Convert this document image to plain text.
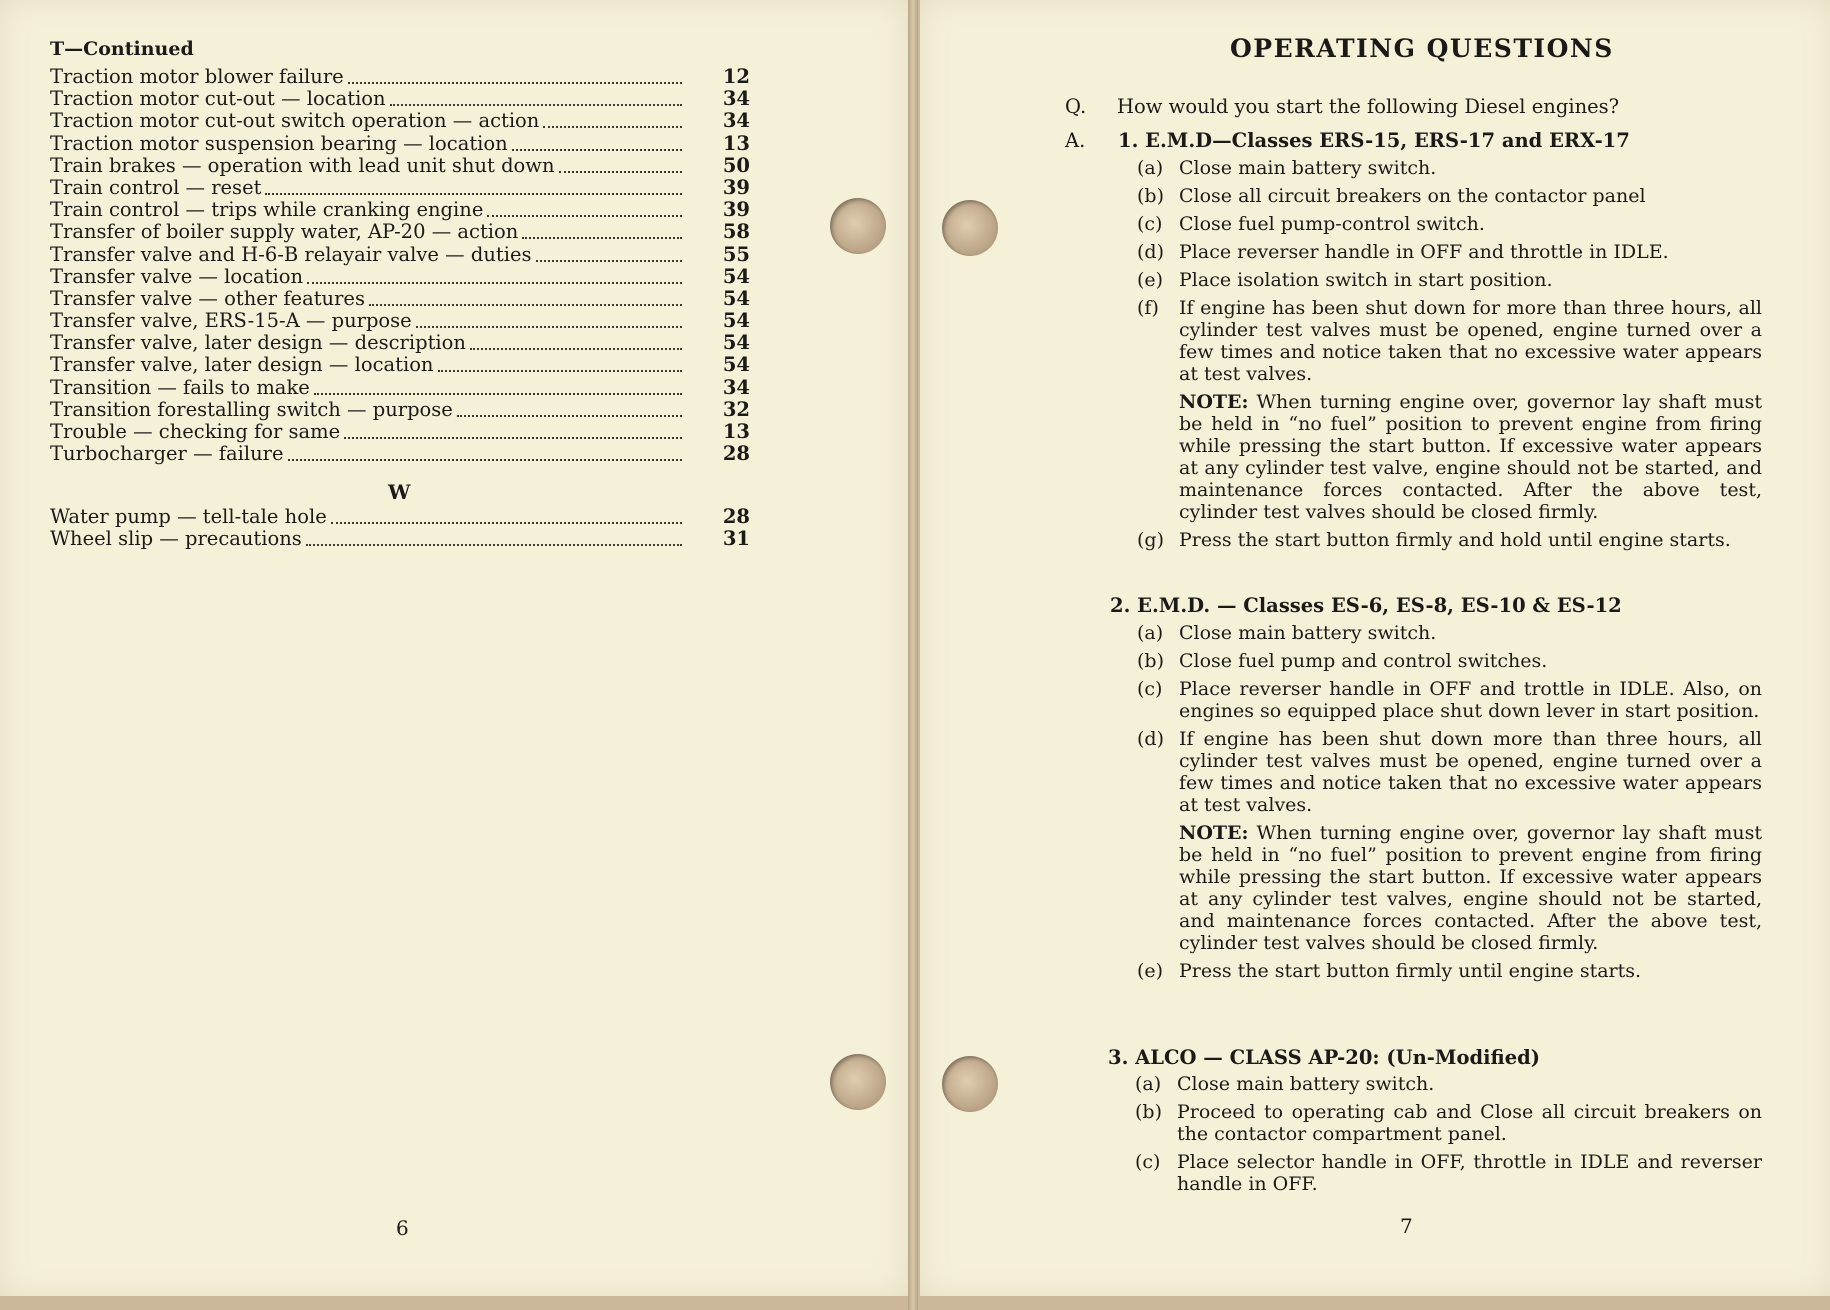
T—Continued
Traction motor blower failure	12
Traction motor cut-out — location	34
Traction motor cut-out switch operation — action	34
Traction motor suspension bearing — location	13
Train brakes — operation with lead unit shut down	50
Train control — reset	39
Train control — trips while cranking engine	39
Transfer of boiler supply water, AP-20 — action	58
Transfer valve and H-6-B relayair valve — duties	55
Transfer valve — location	54
Transfer valve — other features	54
Transfer valve, ERS-15-A — purpose	54
Transfer valve, later design — description	54
Transfer valve, later design — location	54
Transition — fails to make	34
Transition forestalling switch — purpose	32
Trouble — checking for same	13
Turbocharger — failure	28
W
Water pump — tell-tale hole	28
Wheel slip — precautions	31
6
OPERATING QUESTIONS
Q. How would you start the following Diesel engines?
A.	1. E.M.D—Classes ERS-15, ERS-17 and ERX-17
(a) Close main battery switch.
(b) Close all circuit breakers on the contactor panel
(c) Close fuel pump-control switch.
(d) Place reverser handle in OFF and throttle in IDLE.
(e) Place isolation switch in start position.
(f)	If engine has been shut down for more than three hours, all cylinder test valves must be opened, engine turned over a few times and notice taken that no excessive water appears at test valves.
NOTE: When turning engine over, governor lay shaft must be held in “no fuel” position to prevent engine from firing while pressing the start button. If excessive water appears at any cylinder test valve, engine should not be started, and maintenance forces contacted. After the above test, cylinder test valves should be closed firmly.
(g) Press the start button firmly and hold until engine starts.
2. E.M.D. — Classes ES-6, ES-8, ES-10 & ES-12
(a) Close main battery switch.
(b) Close fuel pump and control switches.
(c) Place reverser handle in OFF and trottle in IDLE. Also, on engines so equipped place shut down lever in start position.
(d) If engine has been shut down more than three hours, all cylinder test valves must be opened, engine turned over a few times and notice taken that no excessive water appears at test valves.
NOTE: When turning engine over, governor lay shaft must be held in “no fuel” position to prevent engine from firing while pressing the start button. If excessive water appears at any cylinder test valves, engine should not be started, and maintenance forces contacted. After the above test, cylinder test valves should be closed firmly.
(e) Press the start button firmly until engine starts.
3. ALCO — CLASS AP-20: (Un-Modified)
(a) Close main battery switch.
(b) Proceed to operating cab and Close all circuit breakers on the contactor compartment panel.
(c) Place selector handle in OFF, throttle in IDLE and reverser handle in OFF.
7
